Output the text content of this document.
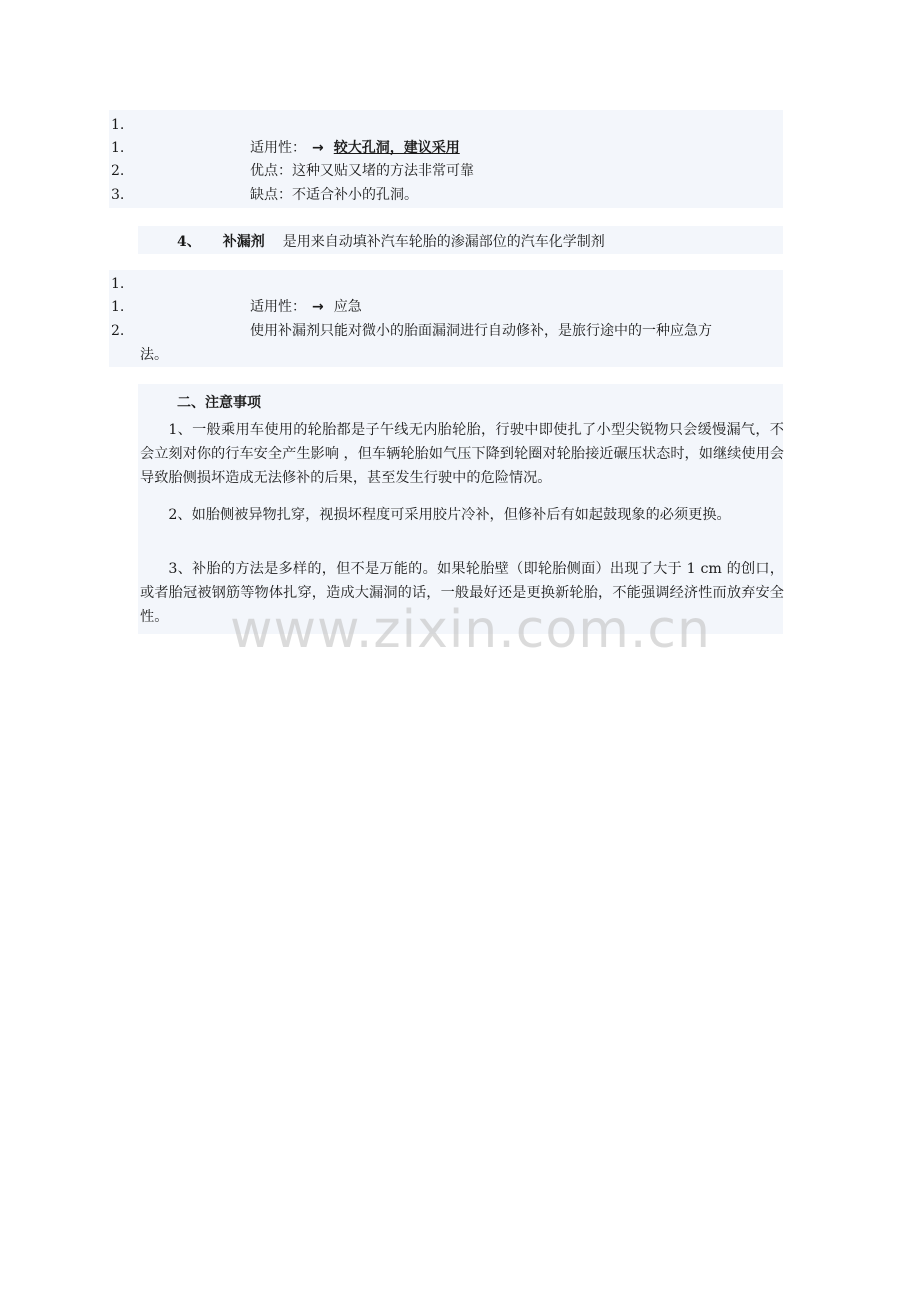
1.
1.	适用性： → 较大孔洞，建议采用
2.	优点：这种又贴又堵的方法非常可靠
3.	缺点：不适合补小的孔洞。
4、 补漏剂 是用来自动填补汽车轮胎的渗漏部位的汽车化学制剂
1.
1.	适用性： → 应急
2.	使用补漏剂只能对微小的胎面漏洞进行自动修补，是旅行途中的一种应急方
法。
二、注意事项

1、一般乘用车使用的轮胎都是子午线无内胎轮胎，行驶中即使扎了小型尖锐物只会缓慢漏气，不会立刻对你的行车安全产生影响 ，但车辆轮胎如气压下降到轮圈对轮胎接近碾压状态时，如继续使用会导致胎侧损坏造成无法修补的后果，甚至发生行驶中的危险情况。

2、如胎侧被异物扎穿，视损坏程度可采用胶片冷补，但修补后有如起鼓现象的必须更换。

3、补胎的方法是多样的，但不是万能的。如果轮胎壁（即轮胎侧面）出现了大于 1 cm 的创口，或者胎冠被钢筋等物体扎穿，造成大漏洞的话，一般最好还是更换新轮胎，不能强调经济性而放弃安全性。	www.zixin.com.cn
